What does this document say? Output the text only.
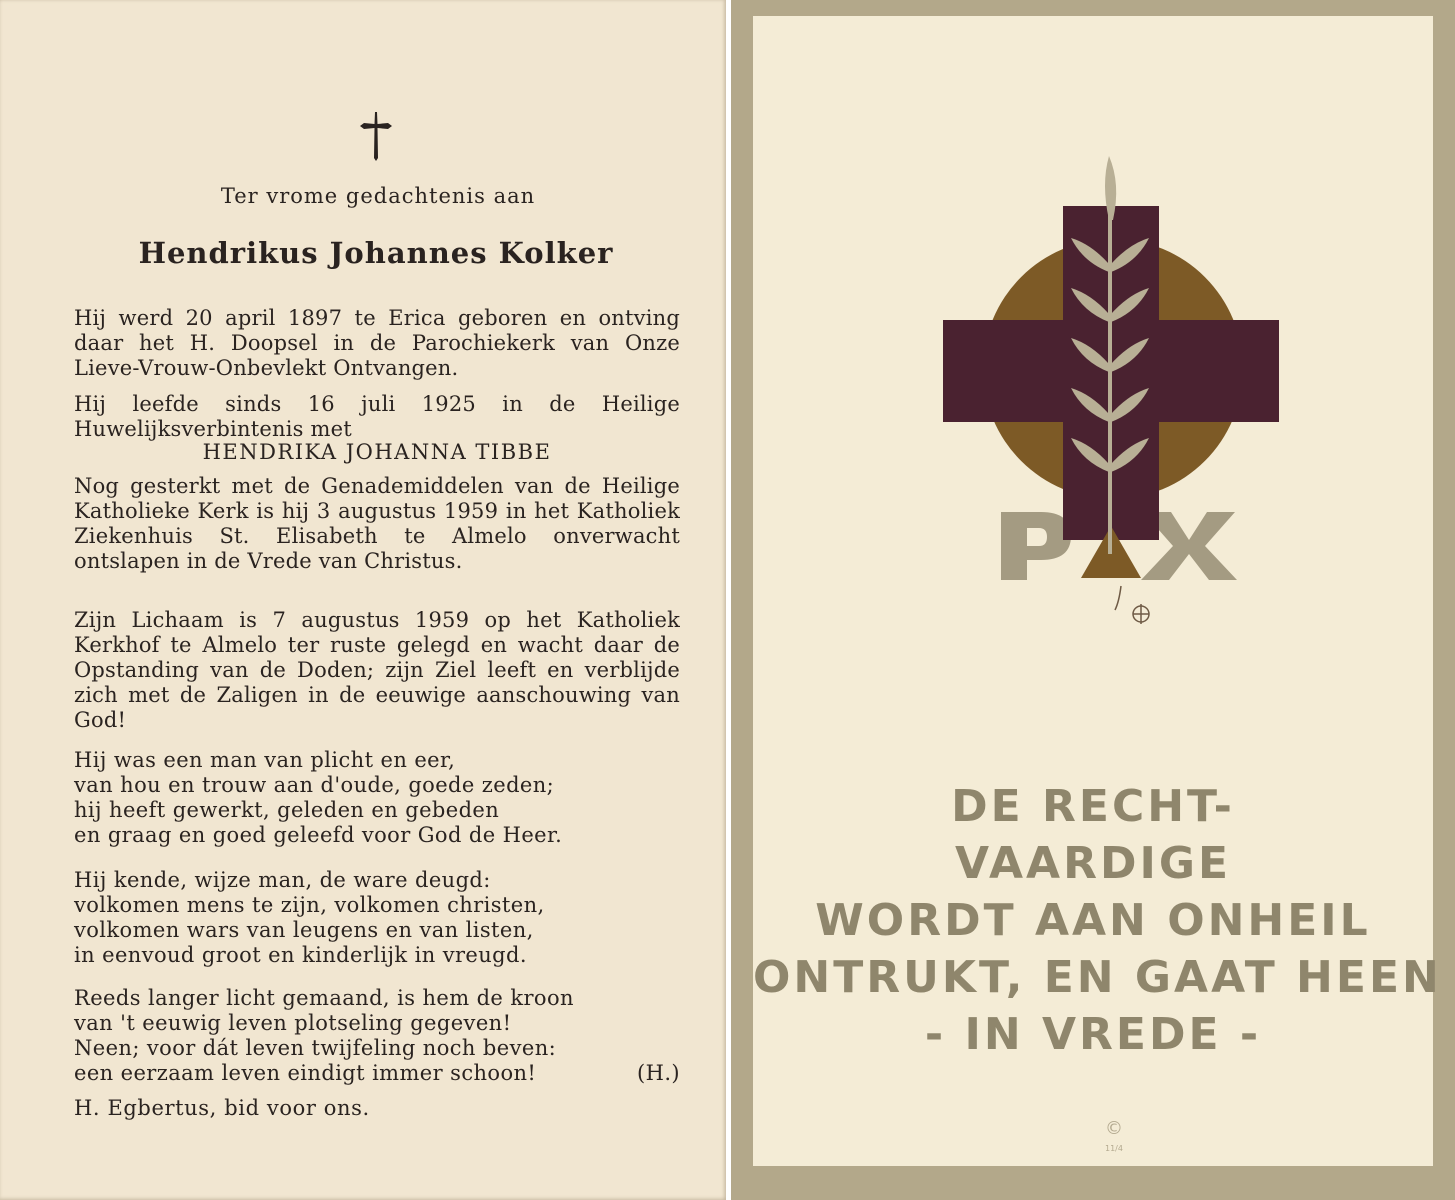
Ter vrome gedachtenis aan

Hendrikus Johannes Kolker

Hij werd 20 april 1897 te Erica geboren en ontving daar het H. Doopsel in de Parochiekerk van Onze Lieve-Vrouw-Onbevlekt Ontvangen.

Hij leefde sinds 16 juli 1925 in de Heilige Huwelijksverbintenis met

HENDRIKA JOHANNA TIBBE

Nog gesterkt met de Genademiddelen van de Heilige Katholieke Kerk is hij 3 augustus 1959 in het Katholiek Ziekenhuis St. Elisabeth te Almelo onverwacht ontslapen in de Vrede van Christus.

Zijn Lichaam is 7 augustus 1959 op het Katholiek Kerkhof te Almelo ter ruste gelegd en wacht daar de Opstanding van de Doden; zijn Ziel leeft en verblijde zich met de Zaligen in de eeuwige aanschouwing van God!

Hij was een man van plicht en eer,
van hou en trouw aan d'oude, goede zeden;
hij heeft gewerkt, geleden en gebeden
en graag en goed geleefd voor God de Heer.

Hij kende, wijze man, de ware deugd:
volkomen mens te zijn, volkomen christen,
volkomen wars van leugens en van listen,
in eenvoud groot en kinderlijk in vreugd.

Reeds langer licht gemaand, is hem de kroon
van 't eeuwig leven plotseling gegeven!
Neen; voor dát leven twijfeling noch beven:
een eerzaam leven eindigt immer schoon!	(H.)

H. Egbertus, bid voor ons.

DE RECHT-
VAARDIGE
WORDT AAN ONHEIL
ONTRUKT, EN GAAT HEEN
- IN VREDE -

©
11/4
